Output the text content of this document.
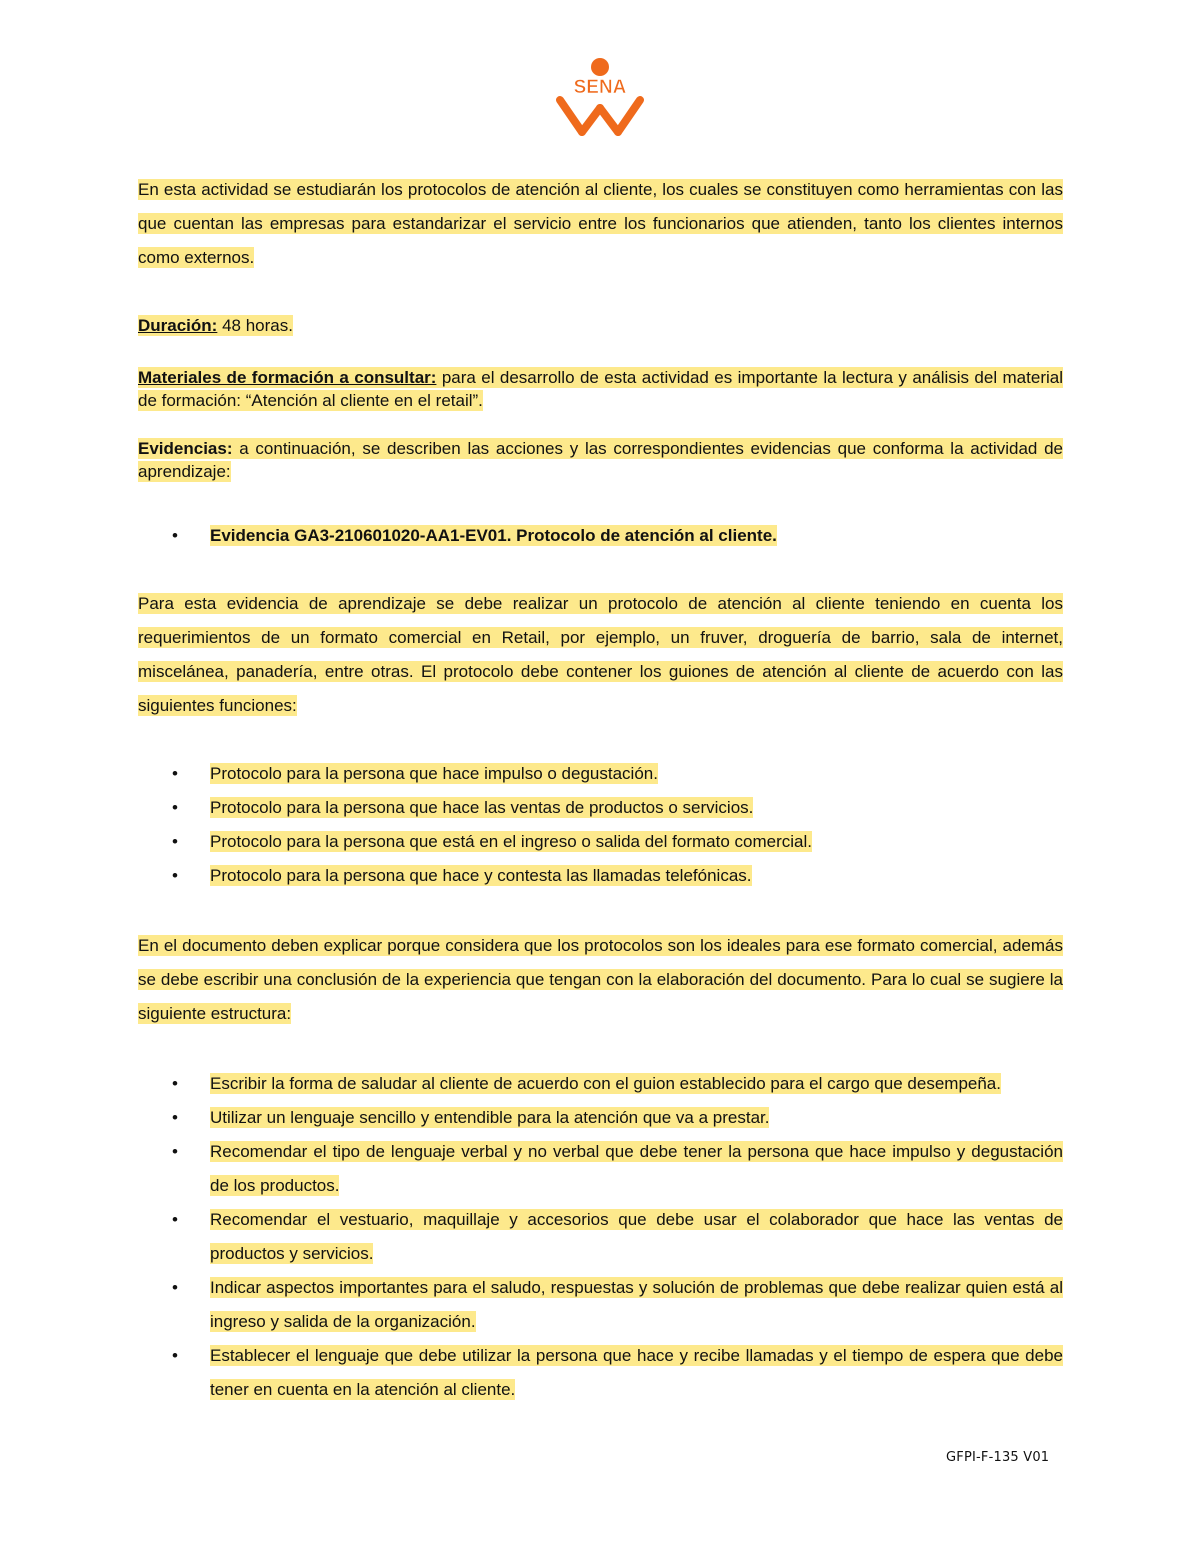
SENA

En esta actividad se estudiarán los protocolos de atención al cliente, los cuales se constituyen como herramientas con las que cuentan las empresas para estandarizar el servicio entre los funcionarios que atienden, tanto los clientes internos como externos.

Duración: 48 horas.

Materiales de formación a consultar: para el desarrollo de esta actividad es importante la lectura y análisis del material de formación: “Atención al cliente en el retail”.

Evidencias: a continuación, se describen las acciones y las correspondientes evidencias que conforma la actividad de aprendizaje:

• Evidencia GA3-210601020-AA1-EV01. Protocolo de atención al cliente.

Para esta evidencia de aprendizaje se debe realizar un protocolo de atención al cliente teniendo en cuenta los requerimientos de un formato comercial en Retail, por ejemplo, un fruver, droguería de barrio, sala de internet, miscelánea, panadería, entre otras. El protocolo debe contener los guiones de atención al cliente de acuerdo con las siguientes funciones:

• Protocolo para la persona que hace impulso o degustación.
• Protocolo para la persona que hace las ventas de productos o servicios.
• Protocolo para la persona que está en el ingreso o salida del formato comercial.
• Protocolo para la persona que hace y contesta las llamadas telefónicas.

En el documento deben explicar porque considera que los protocolos son los ideales para ese formato comercial, además se debe escribir una conclusión de la experiencia que tengan con la elaboración del documento. Para lo cual se sugiere la siguiente estructura:

• Escribir la forma de saludar al cliente de acuerdo con el guion establecido para el cargo que desempeña.
• Utilizar un lenguaje sencillo y entendible para la atención que va a prestar.
• Recomendar el tipo de lenguaje verbal y no verbal que debe tener la persona que hace impulso y degustación de los productos.
• Recomendar el vestuario, maquillaje y accesorios que debe usar el colaborador que hace las ventas de productos y servicios.
• Indicar aspectos importantes para el saludo, respuestas y solución de problemas que debe realizar quien está al ingreso y salida de la organización.
• Establecer el lenguaje que debe utilizar la persona que hace y recibe llamadas y el tiempo de espera que debe tener en cuenta en la atención al cliente.
GFPI-F-135 V01
